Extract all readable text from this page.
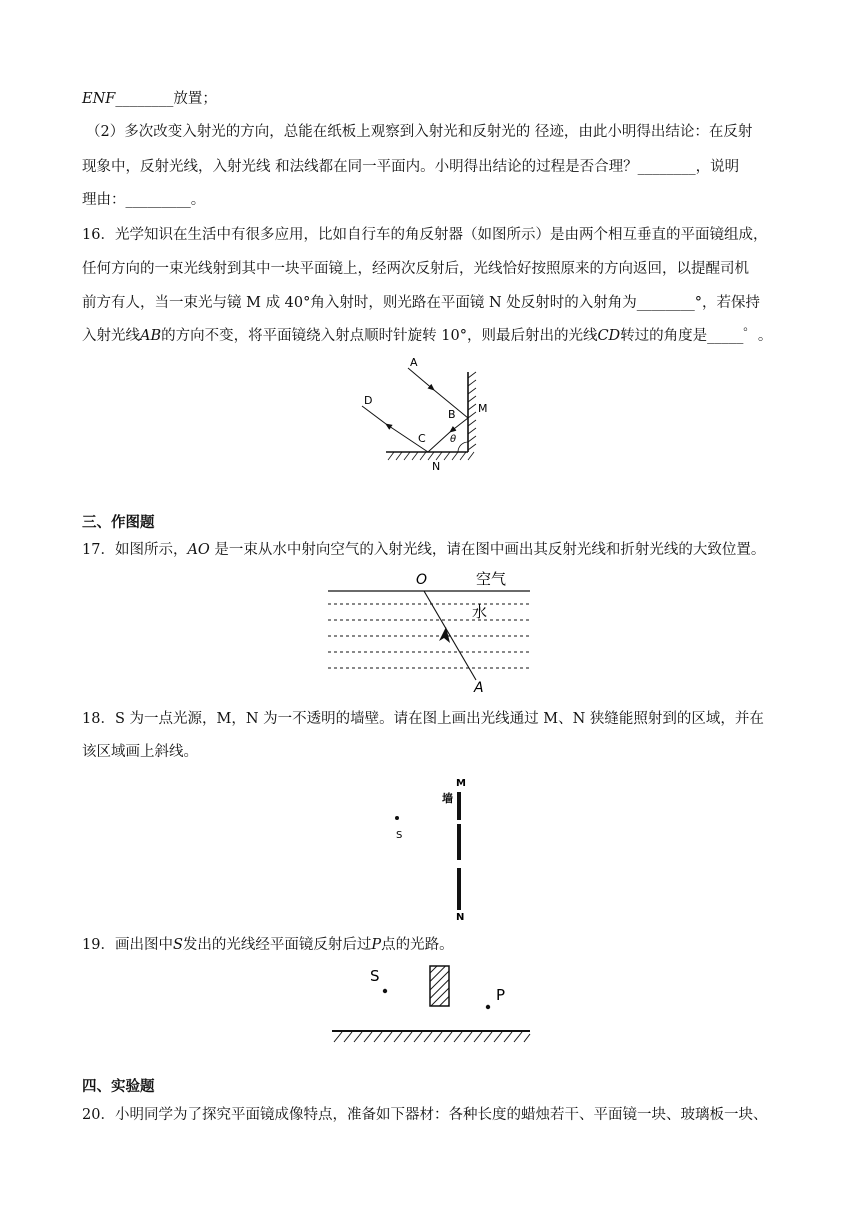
ENF________放置；
（2）多次改变入射光的方向，总能在纸板上观察到入射光和反射光的 径迹，由此小明得出结论：在反射
现象中，反射光线，入射光线 和法线都在同一平面内。小明得出结论的过程是否合理？________，说明
理由：_________。
16．光学知识在生活中有很多应用，比如自行车的角反射器（如图所示）是由两个相互垂直的平面镜组成，
任何方向的一束光线射到其中一块平面镜上，经两次反射后，光线恰好按照原来的方向返回，以提醒司机
前方有人，当一束光与镜 M 成 40°角入射时，则光路在平面镜 N 处反射时的入射角为________°，若保持
入射光线AB的方向不变，将平面镜绕入射点顺时针旋转 10°，则最后射出的光线CD转过的角度是_____゜。
A
B
C
D
M
N
θ
三、作图题
17．如图所示，AO 是一束从水中射向空气的入射光线，请在图中画出其反射光线和折射光线的大致位置。
O	空气
水
A
18．S 为一点光源，M，N 为一不透明的墙壁。请在图上画出光线通过 M、N 狭缝能照射到的区域，并在
该区域画上斜线。
S
M
N
墙
19．画出图中S发出的光线经平面镜反射后过P点的光路。
S
P
四、实验题
20．小明同学为了探究平面镜成像特点，准备如下器材：各种长度的蜡烛若干、平面镜一块、玻璃板一块、
